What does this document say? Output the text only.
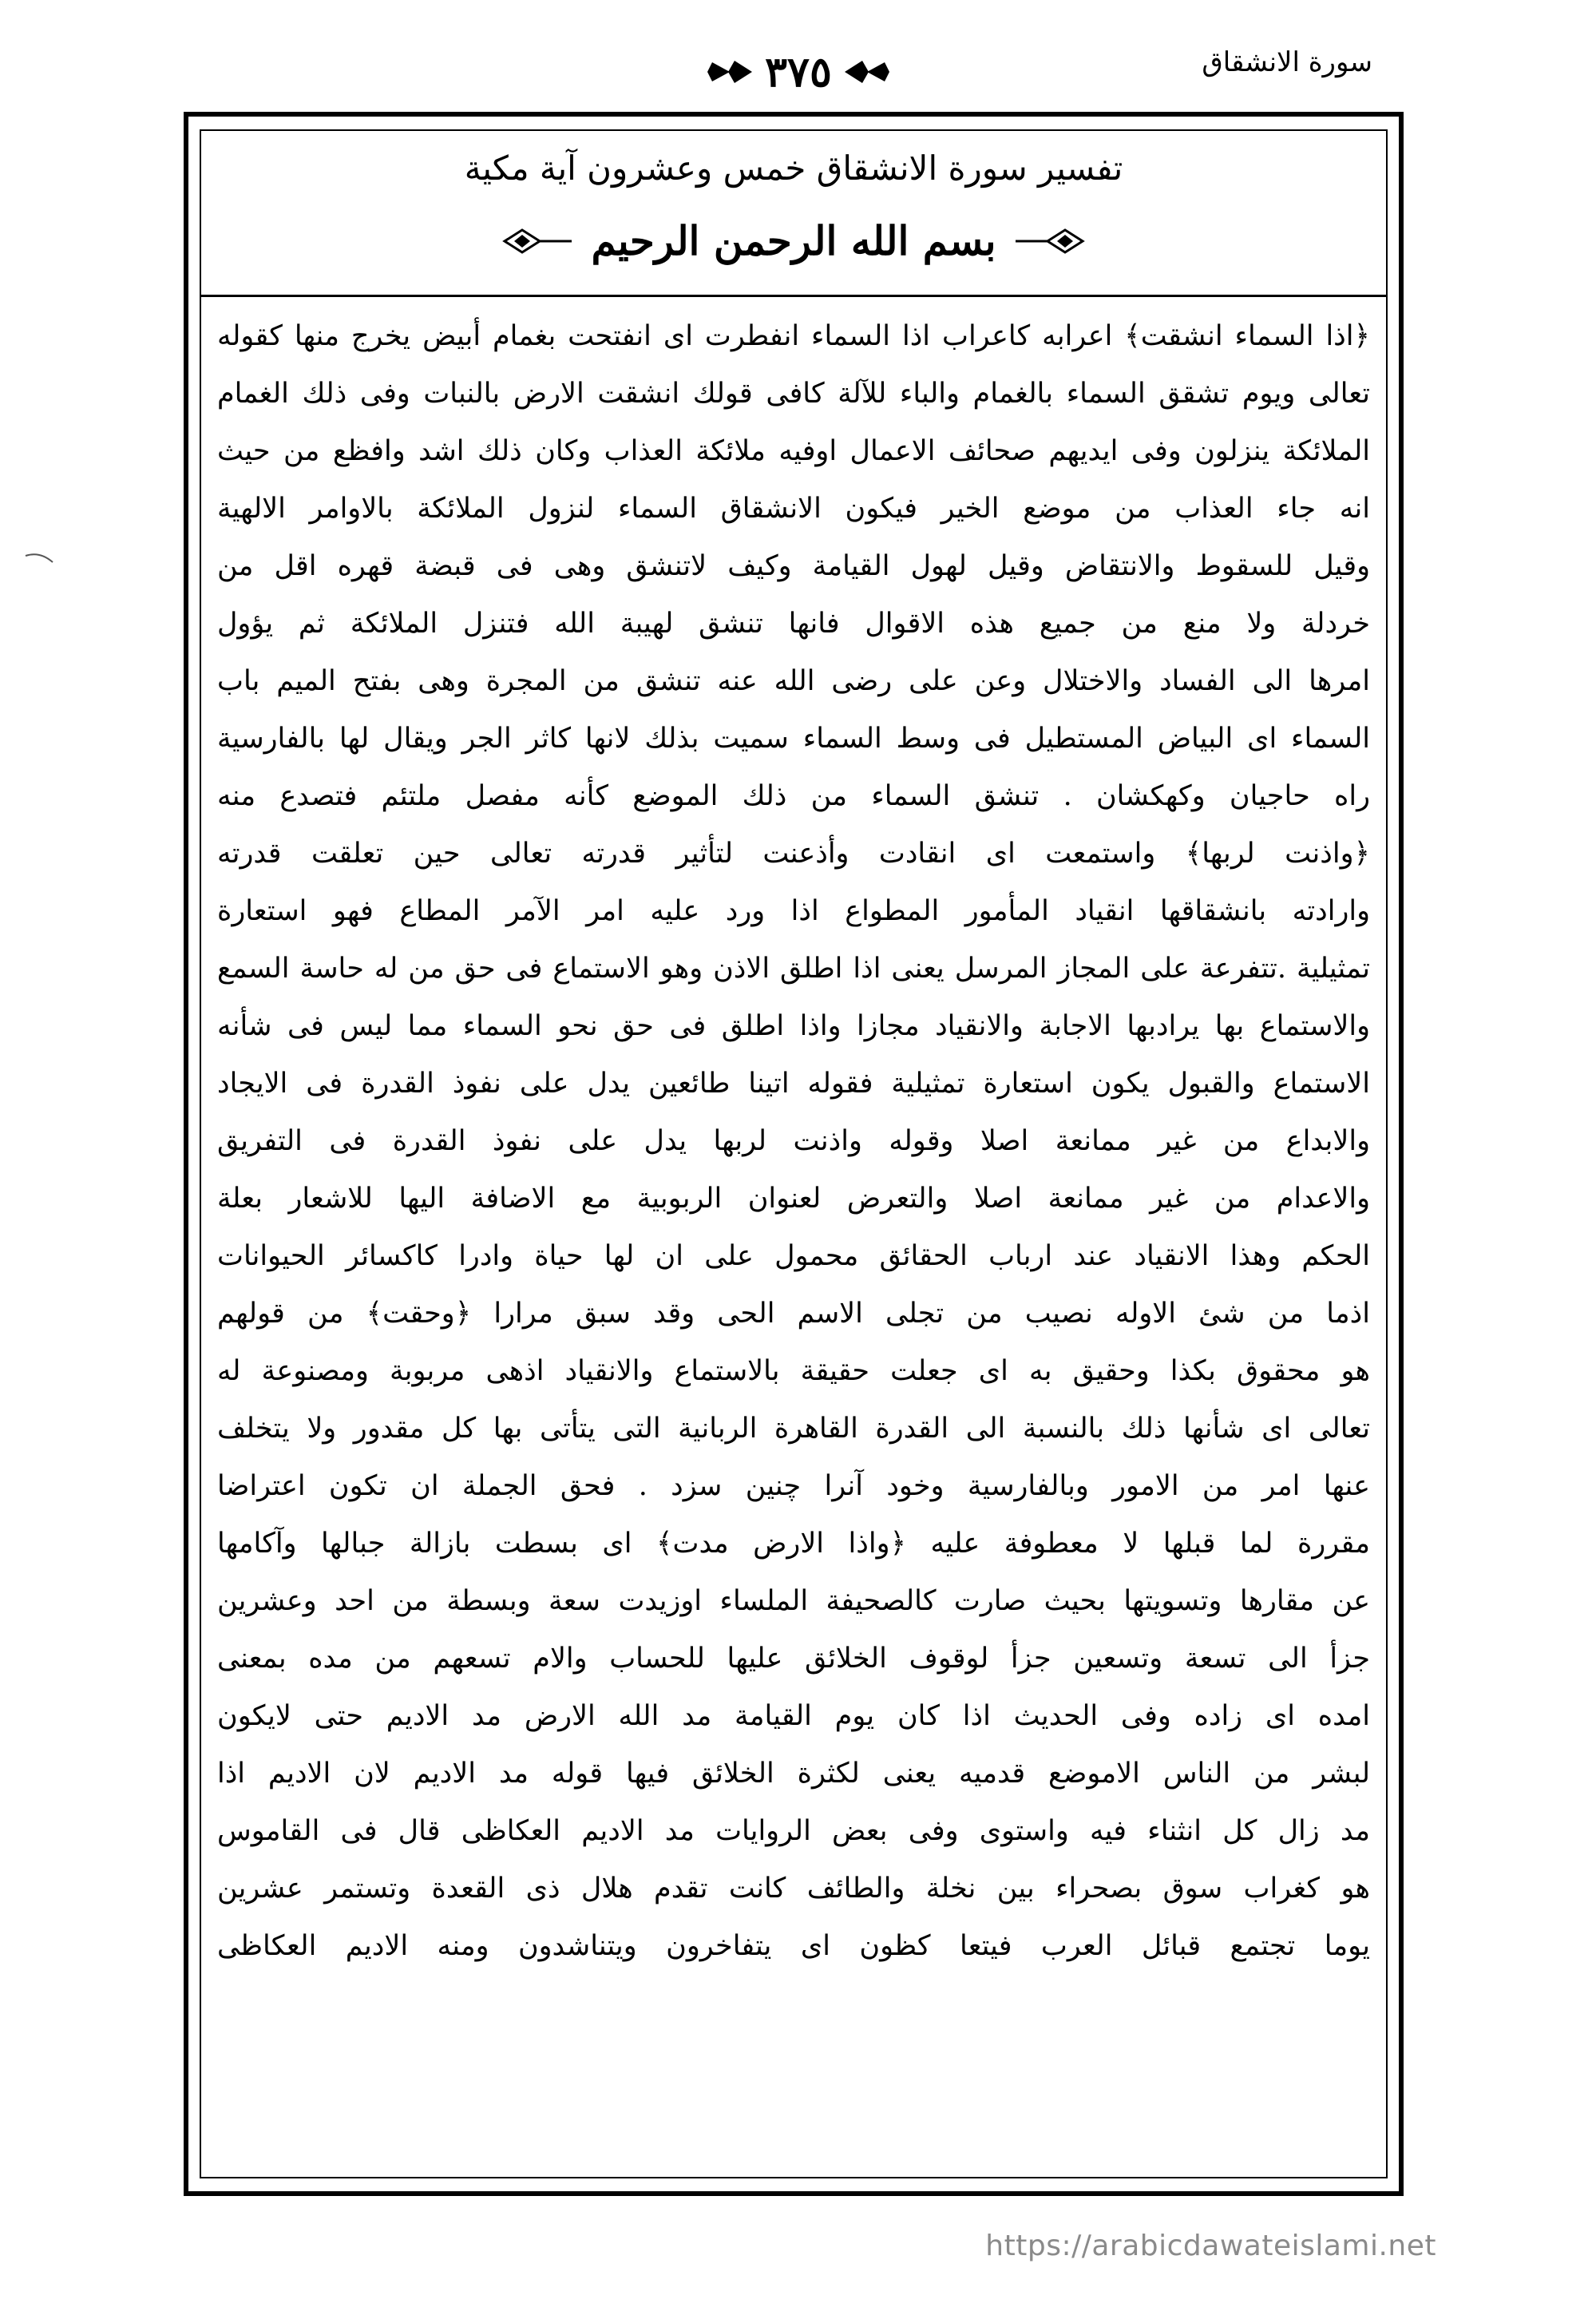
سورة الانشقاق
٣٧٥
تفسير سورة الانشقاق خمس وعشرون آية مكية
بسم الله الرحمن الرحيم
﴿اذا السماء انشقت﴾ اعرابه كاعراب اذا السماء انفطرت اى انفتحت بغمام أبيض يخرج منها كقوله
تعالى ويوم تشقق السماء بالغمام والباء للآلة كافى قولك انشقت الارض بالنبات وفى ذلك الغمام
الملائكة ينزلون وفى ايديهم صحائف الاعمال اوفيه ملائكة العذاب وكان ذلك اشد وافظع من حيث
انه جاء العذاب من موضع الخير فيكون الانشقاق السماء لنزول الملائكة بالاوامر الالهية
وقيل للسقوط والانتقاض وقيل لهول القيامة وكيف لاتنشق وهى فى قبضة قهره اقل من
خردلة ولا منع من جميع هذه الاقوال فانها تنشق لهيبة الله فتنزل الملائكة ثم يؤول
امرها الى الفساد والاختلال وعن على رضى الله عنه تنشق من المجرة وهى بفتح الميم باب
السماء اى البياض المستطيل فى وسط السماء سميت بذلك لانها كاثر الجر ويقال لها بالفارسية
راه حاجيان وكهكشان . تنشق السماء من ذلك الموضع كأنه مفصل ملتئم فتصدع منه
﴿واذنت لربها﴾ واستمعت اى انقادت وأذعنت لتأثير قدرته تعالى حين تعلقت قدرته
وارادته بانشقاقها انقياد المأمور المطواع اذا ورد عليه امر الآمر المطاع فهو استعارة
تمثيلية .تتفرعة على المجاز المرسل يعنى اذا اطلق الاذن وهو الاستماع فى حق من له حاسة السمع
والاستماع بها يرادبها الاجابة والانقياد مجازا واذا اطلق فى حق نحو السماء مما ليس فى شأنه
الاستماع والقبول يكون استعارة تمثيلية فقوله اتينا طائعين يدل على نفوذ القدرة فى الايجاد
والابداع من غير ممانعة اصلا وقوله واذنت لربها يدل على نفوذ القدرة فى التفريق
والاعدام من غير ممانعة اصلا والتعرض لعنوان الربوبية مع الاضافة اليها للاشعار بعلة
الحكم وهذا الانقياد عند ارباب الحقائق محمول على ان لها حياة وادرا كاكسائر الحيوانات
اذما من شئ الاوله نصيب من تجلى الاسم الحى وقد سبق مرارا ﴿وحقت﴾ من قولهم
هو محقوق بكذا وحقيق به اى جعلت حقيقة بالاستماع والانقياد اذهى مربوبة ومصنوعة له
تعالى اى شأنها ذلك بالنسبة الى القدرة القاهرة الربانية التى يتأتى بها كل مقدور ولا يتخلف
عنها امر من الامور وبالفارسية وخود آنرا چنين سزد . فحق الجملة ان تكون اعتراضا
مقررة لما قبلها لا معطوفة عليه ﴿واذا الارض مدت﴾ اى بسطت بازالة جبالها وآكامها
عن مقارها وتسويتها بحيث صارت كالصحيفة الملساء اوزيدت سعة وبسطة من احد وعشرين
جزأ الى تسعة وتسعين جزأ لوقوف الخلائق عليها للحساب والام تسعهم من مده بمعنى
امده اى زاده وفى الحديث اذا كان يوم القيامة مد الله الارض مد الاديم حتى لايكون
لبشر من الناس الاموضع قدميه يعنى لكثرة الخلائق فيها قوله مد الاديم لان الاديم اذا
مد زال كل انثناء فيه واستوى وفى بعض الروايات مد الاديم العكاظى قال فى القاموس
هو كغراب سوق بصحراء بين نخلة والطائف كانت تقدم هلال ذى القعدة وتستمر عشرين
يوما تجتمع قبائل العرب فيتعا كظون اى يتفاخرون ويتناشدون ومنه الاديم العكاظى
https://arabicdawateislami.net
